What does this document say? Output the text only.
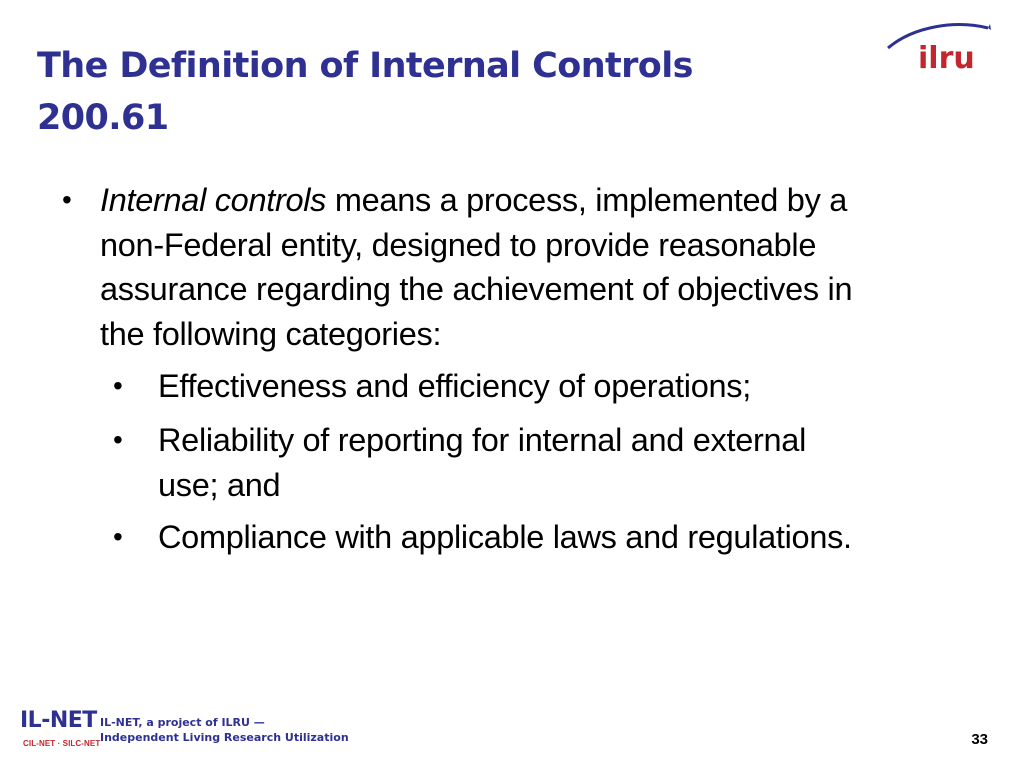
The Definition of Internal Controls
200.61
ilru
• Internal controls means a process, implemented by a
non-Federal entity, designed to provide reasonable
assurance regarding the achievement of objectives in
the following categories:
• Effectiveness and efficiency of operations;
• Reliability of reporting for internal and external
use; and
• Compliance with applicable laws and regulations.
IL-NET
CIL-NET · SILC-NET
IL-NET, a project of ILRU —
Independent Living Research Utilization	33
